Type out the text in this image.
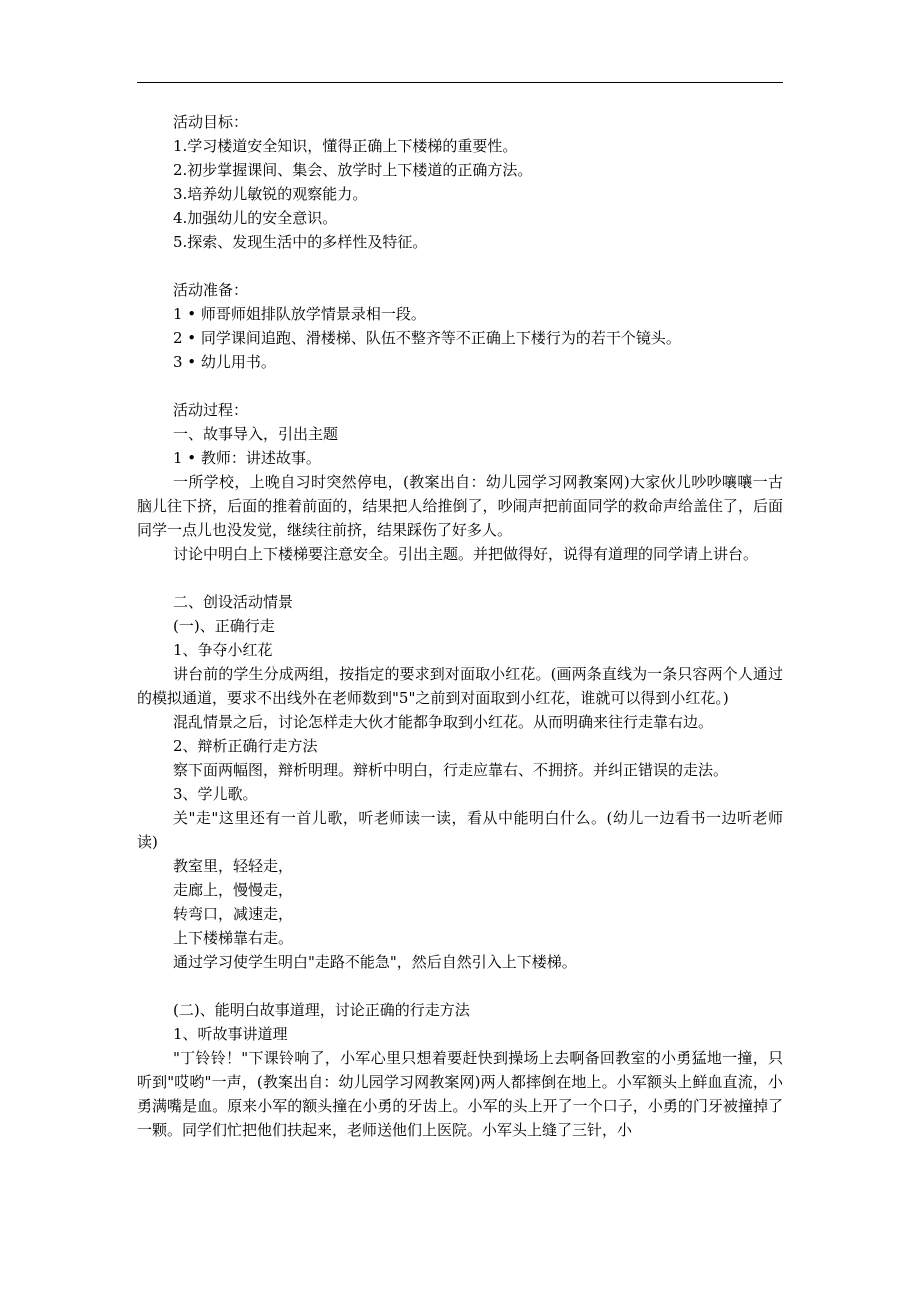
活动目标：
1.学习楼道安全知识，懂得正确上下楼梯的重要性。
2.初步掌握课间、集会、放学时上下楼道的正确方法。
3.培养幼儿敏锐的观察能力。
4.加强幼儿的安全意识。
5.探索、发现生活中的多样性及特征。
活动准备：
1 • 师哥师姐排队放学情景录相一段。
2 • 同学课间追跑、滑楼梯、队伍不整齐等不正确上下楼行为的若干个镜头。
3 • 幼儿用书。
活动过程：
一、故事导入，引出主题
1 • 教师：讲述故事。
一所学校，上晚自习时突然停电，(教案出自：幼儿园学习网教案网)大家伙儿吵吵嚷嚷一古脑儿往下挤，后面的推着前面的，结果把人给推倒了，吵闹声把前面同学的救命声给盖住了，后面同学一点儿也没发觉，继续往前挤，结果踩伤了好多人。
讨论中明白上下楼梯要注意安全。引出主题。并把做得好，说得有道理的同学请上讲台。
二、创设活动情景
(一)、正确行走
1、争夺小红花
讲台前的学生分成两组，按指定的要求到对面取小红花。(画两条直线为一条只容两个人通过的模拟通道，要求不出线外在老师数到"5"之前到对面取到小红花，谁就可以得到小红花。)
混乱情景之后，讨论怎样走大伙才能都争取到小红花。从而明确来往行走靠右边。
2、辩析正确行走方法
察下面两幅图，辩析明理。辩析中明白，行走应靠右、不拥挤。并纠正错误的走法。
3、学儿歌。
关"走"这里还有一首儿歌，听老师读一读，看从中能明白什么。(幼儿一边看书一边听老师读)
教室里，轻轻走，
走廊上，慢慢走，
转弯口，减速走，
上下楼梯靠右走。
通过学习使学生明白"走路不能急"，然后自然引入上下楼梯。
(二)、能明白故事道理，讨论正确的行走方法
1、听故事讲道理
"丁铃铃！"下课铃响了，小军心里只想着要赶快到操场上去啊备回教室的小勇猛地一撞，只听到"哎哟"一声，(教案出自：幼儿园学习网教案网)两人都摔倒在地上。小军额头上鲜血直流，小勇满嘴是血。原来小军的额头撞在小勇的牙齿上。小军的头上开了一个口子，小勇的门牙被撞掉了一颗。同学们忙把他们扶起来，老师送他们上医院。小军头上缝了三针，小
